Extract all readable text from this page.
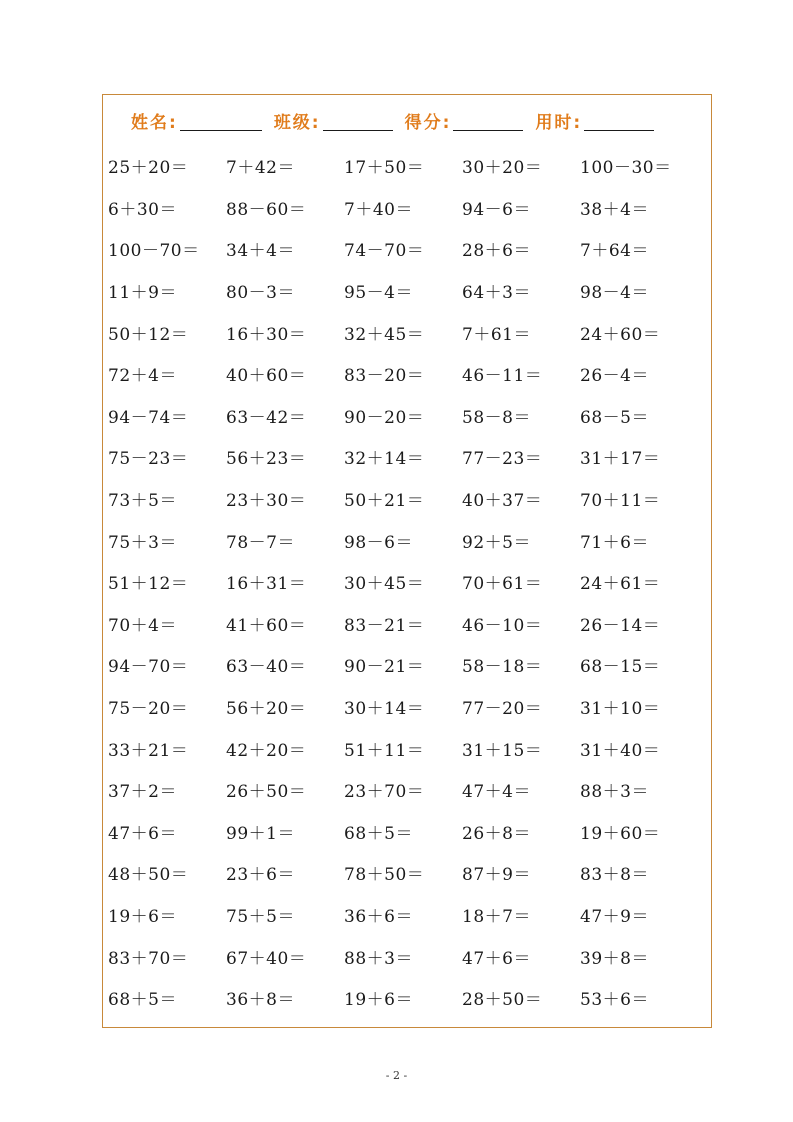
姓名:	班级:	得分:	用时:
25＋20＝	7＋42＝	17＋50＝	30＋20＝	100－30＝
6＋30＝	88－60＝	7＋40＝	94－6＝	38＋4＝
100－70＝	34＋4＝	74－70＝	28＋6＝	7＋64＝
11＋9＝	80－3＝	95－4＝	64＋3＝	98－4＝
50＋12＝	16＋30＝	32＋45＝	7＋61＝	24＋60＝
72＋4＝	40＋60＝	83－20＝	46－11＝	26－4＝
94－74＝	63－42＝	90－20＝	58－8＝	68－5＝
75－23＝	56＋23＝	32＋14＝	77－23＝	31＋17＝
73＋5＝	23＋30＝	50＋21＝	40＋37＝	70＋11＝
75＋3＝	78－7＝	98－6＝	92＋5＝	71＋6＝
51＋12＝	16＋31＝	30＋45＝	70＋61＝	24＋61＝
70＋4＝	41＋60＝	83－21＝	46－10＝	26－14＝
94－70＝	63－40＝	90－21＝	58－18＝	68－15＝
75－20＝	56＋20＝	30＋14＝	77－20＝	31＋10＝
33＋21＝	42＋20＝	51＋11＝	31＋15＝	31＋40＝
37＋2＝	26＋50＝	23＋70＝	47＋4＝	88＋3＝
47＋6＝	99＋1＝	68＋5＝	26＋8＝	19＋60＝
48＋50＝	23＋6＝	78＋50＝	87＋9＝	83＋8＝
19＋6＝	75＋5＝	36＋6＝	18＋7＝	47＋9＝
83＋70＝	67＋40＝	88＋3＝	47＋6＝	39＋8＝
68＋5＝	36＋8＝	19＋6＝	28＋50＝	53＋6＝
- 2 -
